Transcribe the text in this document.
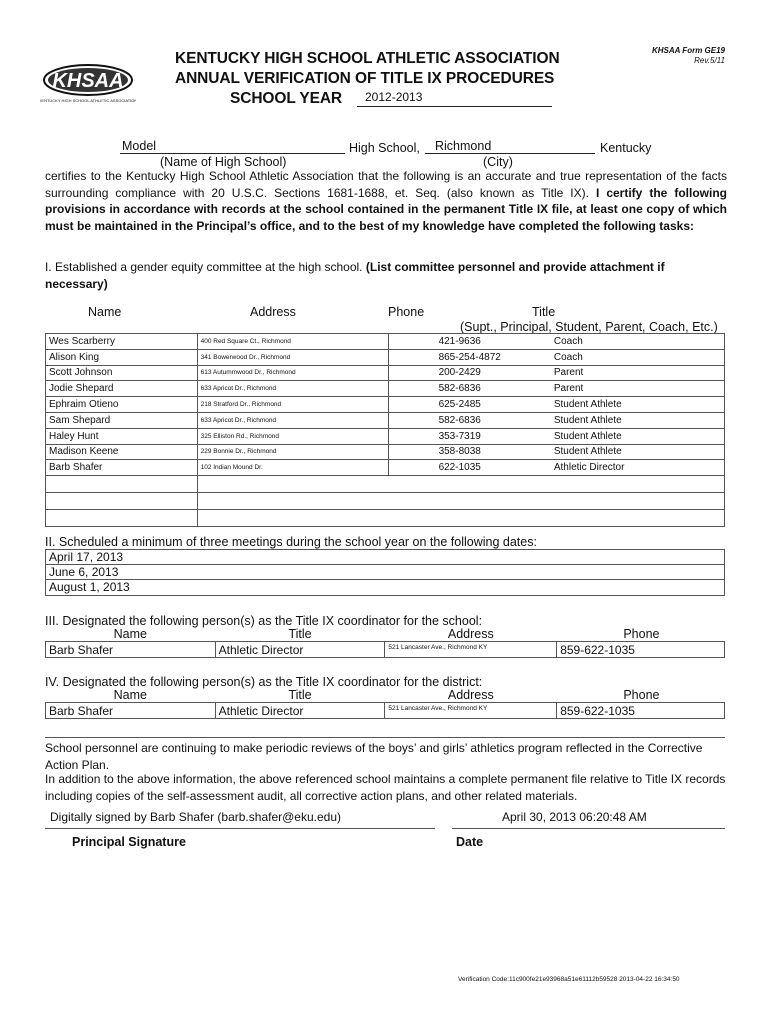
KHSAA
KENTUCKY HIGH SCHOOL ATHLETIC ASSOCIATION
KENTUCKY HIGH SCHOOL ATHLETIC ASSOCIATION
ANNUAL VERIFICATION OF TITLE IX PROCEDURES
SCHOOL YEAR	2012-2013
KHSAA Form GE19
Rev.5/11
Model	High School,	Richmond	Kentucky
(Name of High School)	(City)
certifies to the Kentucky High School Athletic Association that the following is an accurate and true representation of the facts surrounding compliance with 20 U.S.C. Sections 1681-1688, et. Seq. (also known as Title IX). I certify the following provisions in accordance with records at the school contained in the permanent Title IX file, at least one copy of which must be maintained in the Principal’s office, and to the best of my knowledge have completed the following tasks:
I. Established a gender equity committee at the high school. (List committee personnel and provide attachment if necessary)
Name	Address	Phone	Title
(Supt., Principal, Student, Parent, Coach, Etc.)
Wes Scarberry	400 Red Square Ct., Richmond	421-9636	Coach
Alison King	341 Bowerwood Dr., Richmond	865-254-4872	Coach
Scott Johnson	613 Autummwood Dr., Richmond	200-2429	Parent
Jodie Shepard	633 Apricot Dr., Richmond	582-6836	Parent
Ephraim Otieno	218 Stratford Dr., Richmond	625-2485	Student Athlete
Sam Shepard	633 Apricot Dr., Richmond	582-6836	Student Athlete
Haley Hunt	325 Elliston Rd., Richmond	353-7319	Student Athlete
Madison Keene	229 Bonnie Dr., Richmond	358-8038	Student Athlete
Barb Shafer	102 Indian Mound Dr.	622-1035	Athletic Director

II. Scheduled a minimum of three meetings during the school year on the following dates:
April 17, 2013
June 6, 2013
August 1, 2013
III. Designated the following person(s) as the Title IX coordinator for the school:
Name	Title	Address	Phone
Barb Shafer	Athletic Director	521 Lancaster Ave., Richmond KY	859-622-1035
IV. Designated the following person(s) as the Title IX coordinator for the district:
Name	Title	Address	Phone
Barb Shafer	Athletic Director	521 Lancaster Ave., Richmond KY	859-622-1035
School personnel are continuing to make periodic reviews of the boys’ and girls’ athletics program reflected in the Corrective Action Plan.
In addition to the above information, the above referenced school maintains a complete permanent file relative to Title IX records including copies of the self-assessment audit, all corrective action plans, and other related materials.
Digitally signed by Barb Shafer (barb.shafer@eku.edu)	April 30, 2013 06:20:48 AM
Principal Signature	Date
Verification Code:11c900fe21e93968a51e61112b59528 2013-04-22 16:34:50
